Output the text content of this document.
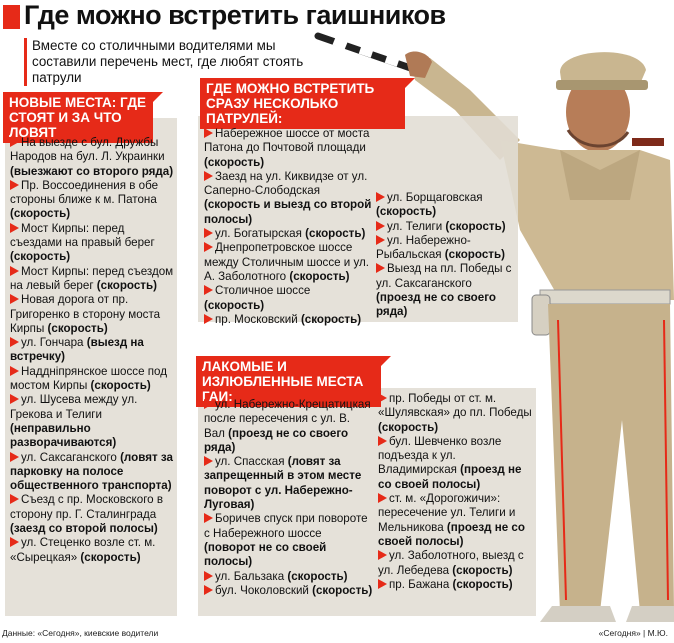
Где можно встретить гаишников

Вместе со столичными водителями мы составили перечень мест, где любят стоять патрули

НОВЫЕ МЕСТА: ГДЕ СТОЯТ И ЗА ЧТО ЛОВЯТ
На выезде с бул. Дружбы Народов на бул. Л. Украинки (выезжают со второго ряда)
Пр. Воссоединения в обе стороны ближе к м. Патона (скорость)
Мост Кирпы: перед съездами на правый берег (скорость)
Мост Кирпы: перед съездом на левый берег (скорость)
Новая дорога от пр. Григоренко в сторону моста Кирпы (скорость)
ул. Гончара (выезд на встречку)
Наддніпрянское шоссе под мостом Кирпы (скорость)
ул. Шусева между ул. Грекова и Телиги (неправильно разворачиваются)
ул. Саксаганского (ловят за парковку на полосе общественного транспорта)
Съезд с пр. Московского в сторону пр. Г. Сталинграда (заезд со второй полосы)
ул. Стеценко возле ст. м. «Сырецкая» (скорость)
ГДЕ МОЖНО ВСТРЕТИТЬ СРАЗУ НЕСКОЛЬКО ПАТРУЛЕЙ:
Набережное шоссе от моста Патона до Почтовой площади (скорость)
Заезд на ул. Киквидзе от ул. Саперно-Слободская (скорость и выезд со второй полосы)
ул. Богатырская (скорость)
Днепропетровское шоссе между Столичным шоссе и ул. А. Заболотного (скорость)
Столичное шоссе (скорость)
пр. Московский (скорость)
ул. Борщаговская (скорость)
ул. Телиги (скорость)
ул. Набережно-Рыбальская (скорость)
Выезд на пл. Победы с ул. Саксаганского (проезд не со своего ряда)
ЛАКОМЫЕ И ИЗЛЮБЛЕННЫЕ МЕСТА ГАИ:
ул. Набережно-Крещатицкая после пересечения с ул. В. Вал (проезд не со своего ряда)
ул. Спасская (ловят за запрещенный в этом месте поворот с ул. Набережно-Луговая)
Боричев спуск при повороте с Набережного шоссе (поворот не со своей полосы)
ул. Бальзака (скорость)
бул. Чоколовский (скорость)
пр. Победы от ст. м. «Шулявская» до пл. Победы (скорость)
бул. Шевченко возле подъезда к ул. Владимирская (проезд не со своей полосы)
ст. м. «Дорогожичи»: пересечение ул. Телиги и Мельникова (проезд не со своей полосы)
ул. Заболотного, выезд с ул. Лебедева (скорость)
пр. Бажана (скорость)
Данные: «Сегодня», киевские водители	«Сегодня» | М.Ю.
